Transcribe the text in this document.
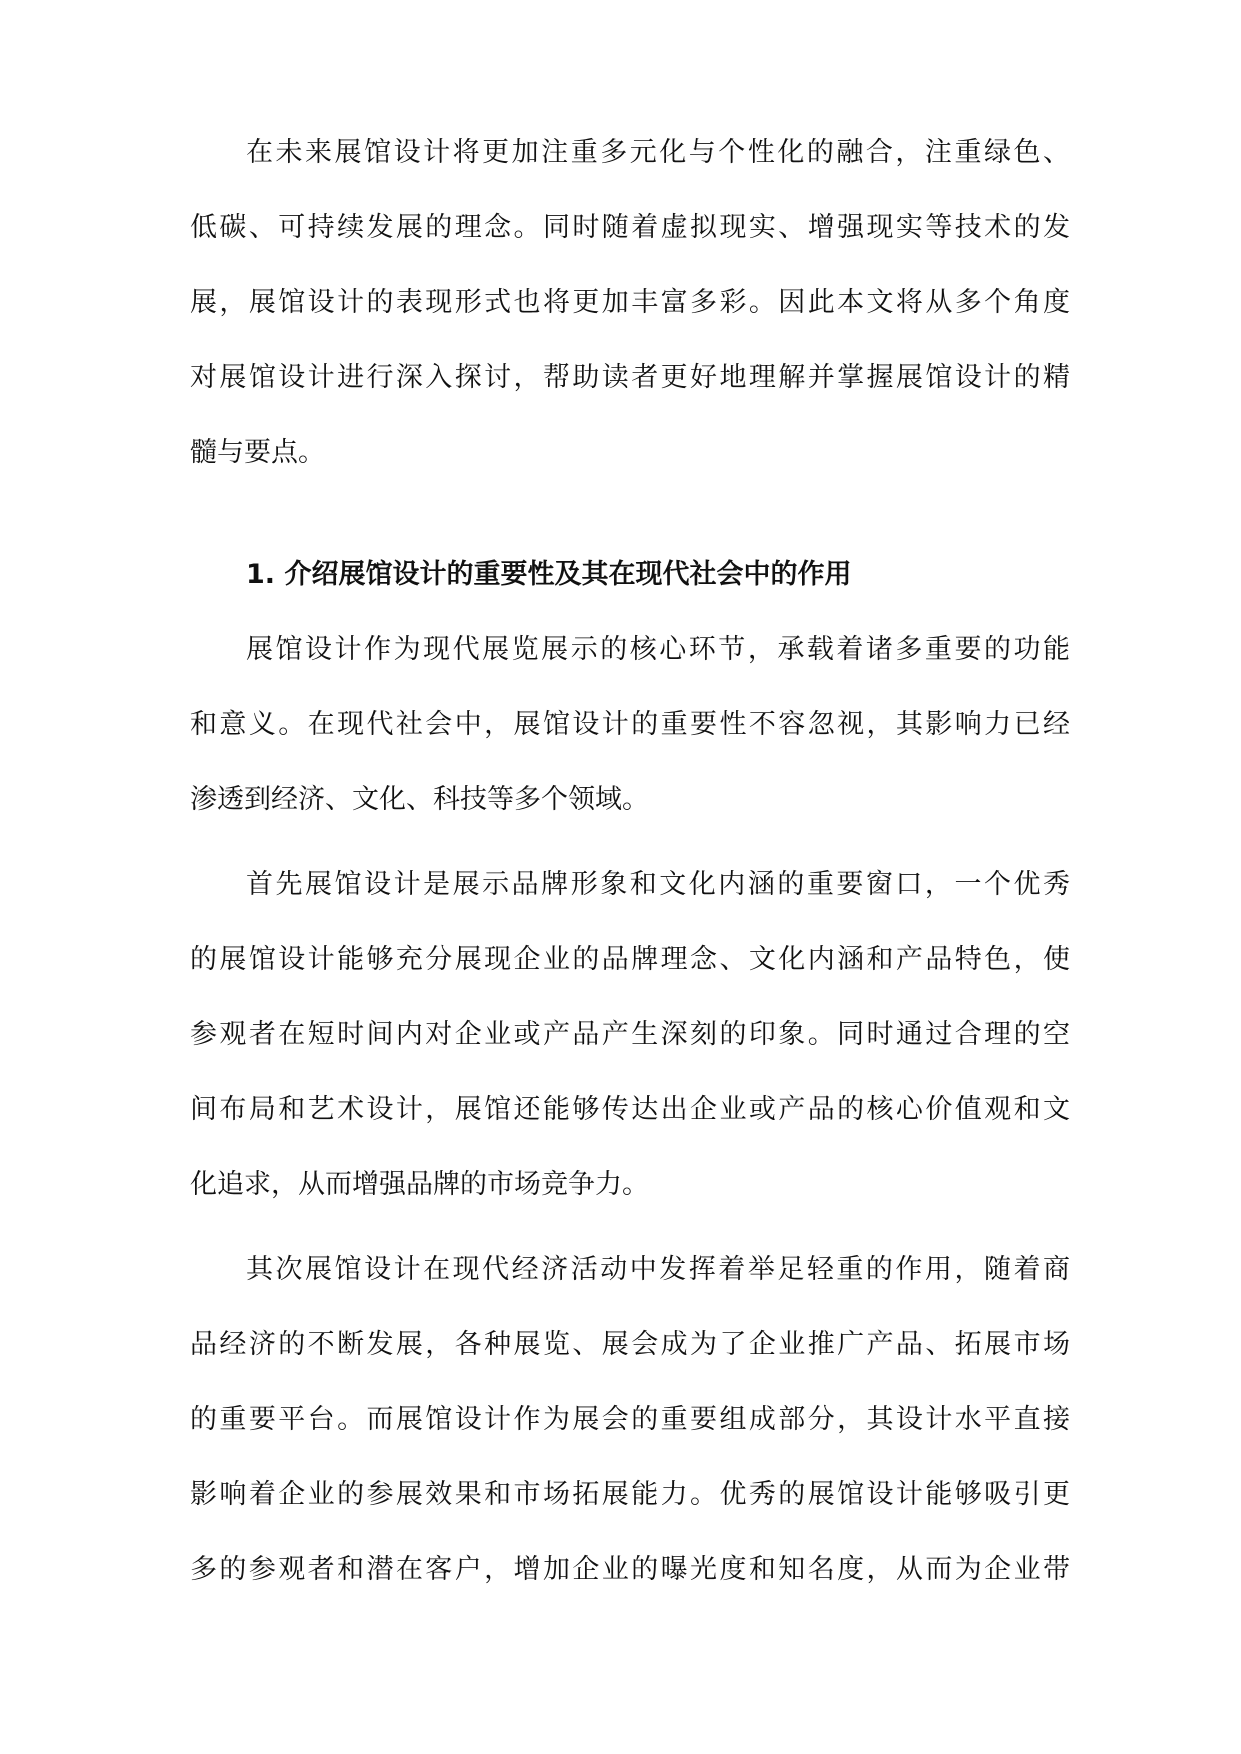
在未来展馆设计将更加注重多元化与个性化的融合，注重绿色、
低碳、可持续发展的理念。同时随着虚拟现实、增强现实等技术的发
展，展馆设计的表现形式也将更加丰富多彩。因此本文将从多个角度
对展馆设计进行深入探讨，帮助读者更好地理解并掌握展馆设计的精
髓与要点。
1. 介绍展馆设计的重要性及其在现代社会中的作用
展馆设计作为现代展览展示的核心环节，承载着诸多重要的功能
和意义。在现代社会中，展馆设计的重要性不容忽视，其影响力已经
渗透到经济、文化、科技等多个领域。
首先展馆设计是展示品牌形象和文化内涵的重要窗口，一个优秀
的展馆设计能够充分展现企业的品牌理念、文化内涵和产品特色，使
参观者在短时间内对企业或产品产生深刻的印象。同时通过合理的空
间布局和艺术设计，展馆还能够传达出企业或产品的核心价值观和文
化追求，从而增强品牌的市场竞争力。
其次展馆设计在现代经济活动中发挥着举足轻重的作用，随着商
品经济的不断发展，各种展览、展会成为了企业推广产品、拓展市场
的重要平台。而展馆设计作为展会的重要组成部分，其设计水平直接
影响着企业的参展效果和市场拓展能力。优秀的展馆设计能够吸引更
多的参观者和潜在客户，增加企业的曝光度和知名度，从而为企业带
